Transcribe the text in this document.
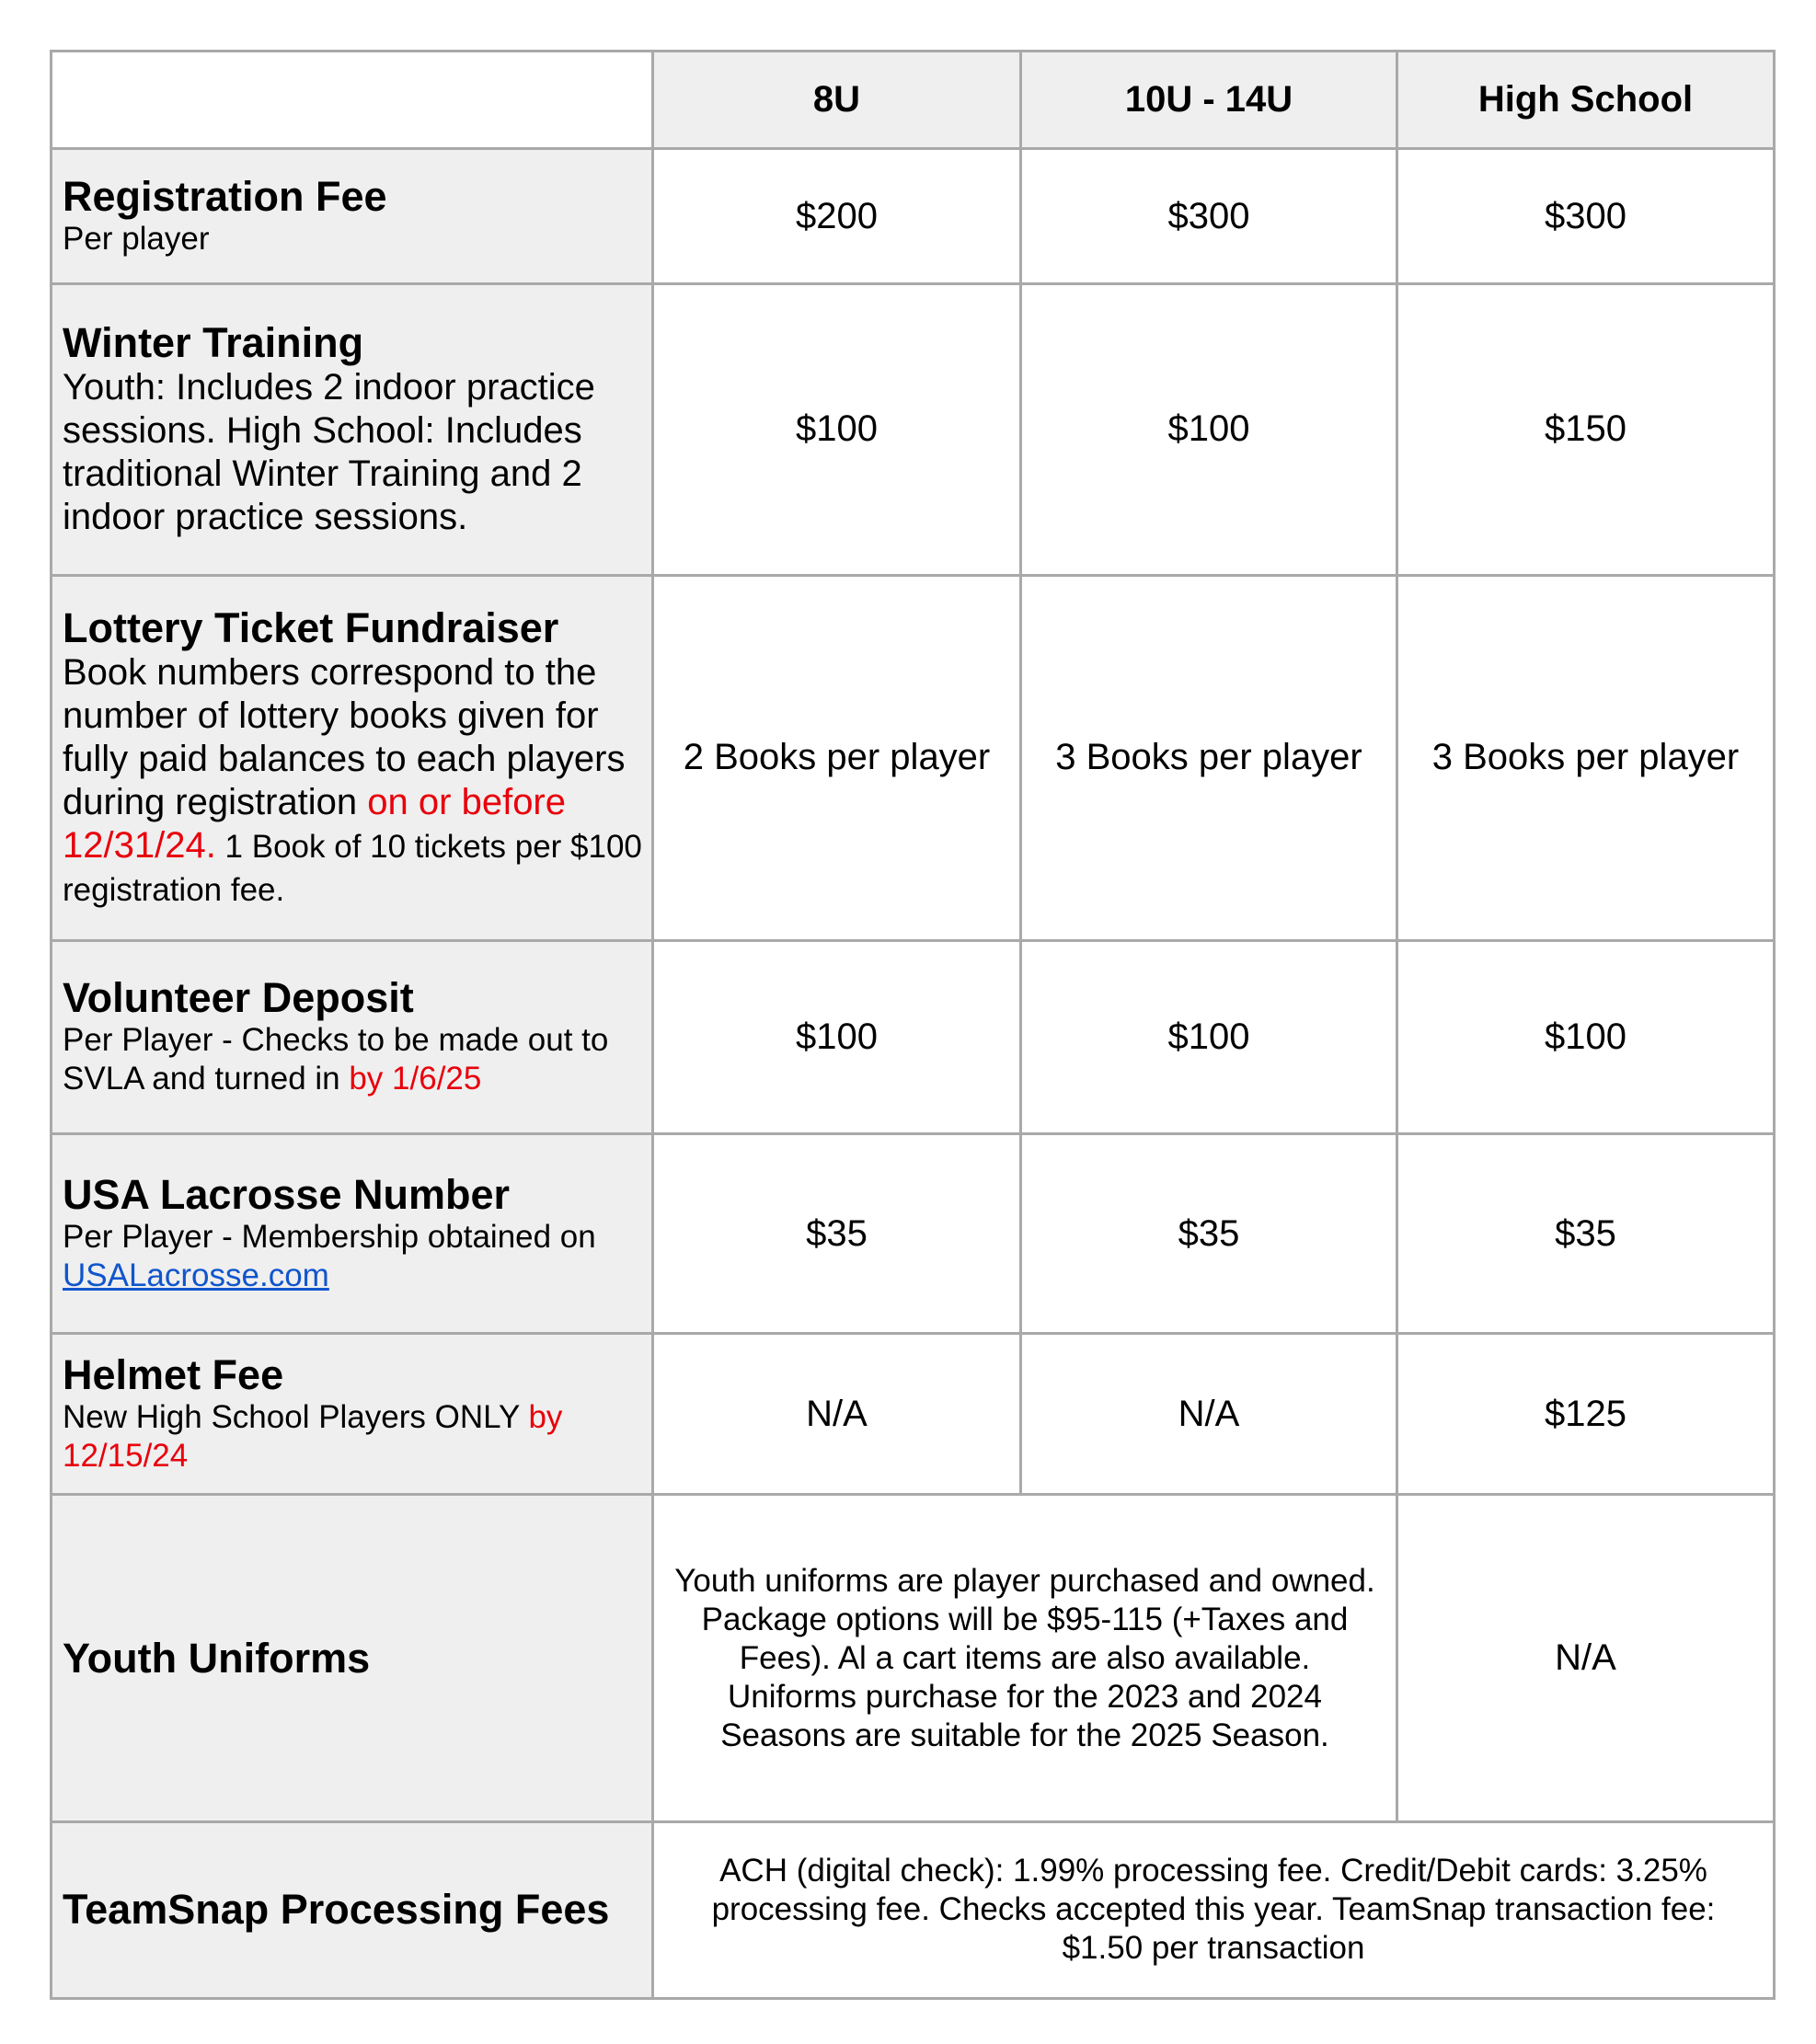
	8U	10U - 14U	High School

Registration Fee
Per player	$200	$300	$300

Winter Training
Youth: Includes 2 indoor practice sessions. High School: Includes traditional Winter Training and 2 indoor practice sessions.	$100	$100	$150

Lottery Ticket Fundraiser
Book numbers correspond to the number of lottery books given for fully paid balances to each players during registration on or before 12/31/24. 1 Book of 10 tickets per $100 registration fee.	2 Books per player	3 Books per player	3 Books per player

Volunteer Deposit
Per Player - Checks to be made out to SVLA and turned in by 1/6/25	$100	$100	$100

USA Lacrosse Number
Per Player - Membership obtained on USALacrosse.com	$35	$35	$35

Helmet Fee
New High School Players ONLY by 12/15/24	N/A	N/A	$125

Youth Uniforms	Youth uniforms are player purchased and owned. Package options will be $95-115 (+Taxes and Fees). Al a cart items are also available. Uniforms purchase for the 2023 and 2024 Seasons are suitable for the 2025 Season.		N/A

TeamSnap Processing Fees	ACH (digital check): 1.99% processing fee. Credit/Debit cards: 3.25% processing fee. Checks accepted this year. TeamSnap transaction fee: $1.50 per transaction		
